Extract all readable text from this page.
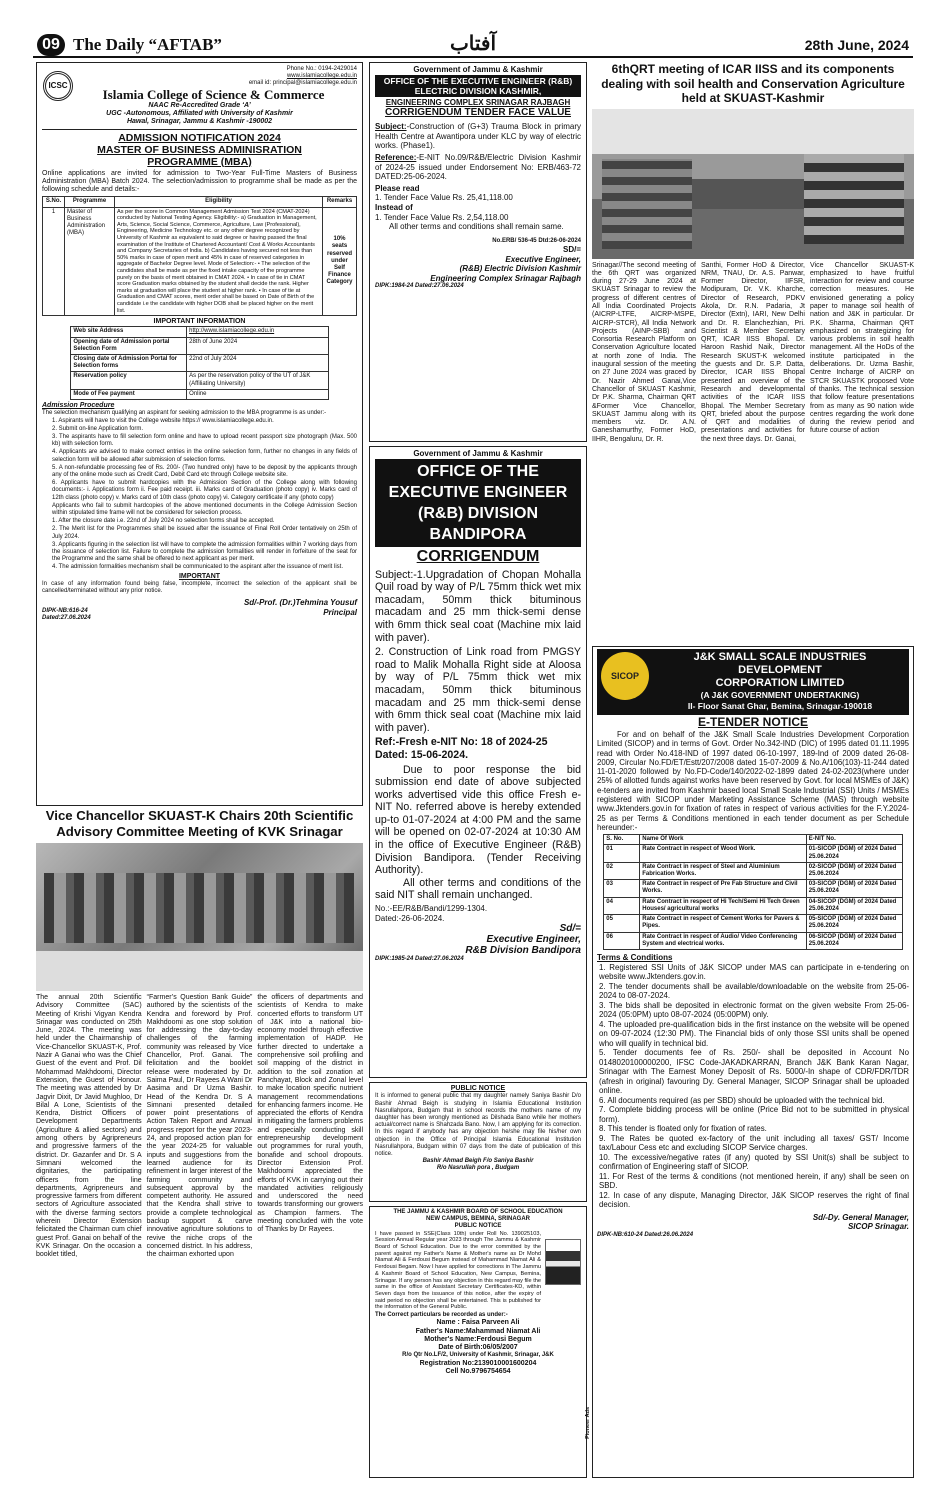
09 The Daily “AFTAB”	آفتاب	28th June, 2024
ICSC
Phone No.: 0194-2429014
www.islamiacollege.edu.in
email id: principal@islamiacollege.edu.in
Islamia College of Science & Commerce
NAAC Re-Accredited Grade ‘A’
UGC -Autonomous, Affiliated with University of Kashmir
Hawal, Srinagar, Jammu & Kashmir -190002
ADMISSION NOTIFICATION 2024
MASTER OF BUSINESS ADMINISRATION
PROGRAMME (MBA)
Online applications are invited for admission to Two-Year Full-Time Masters of Business Administration (MBA) Batch 2024. The selection/admission to programme shall be made as per the following schedule and details:-
S.No.	Programme	Eligibility	Remarks
1	Master of Business Administration (MBA)	As per the score in Common Management Admission Test 2024 (CMAT-2024) conducted by National Testing Agency. Eligibility:- a) Graduation in Management, Arts, Science, Social Science, Commerce, Agriculture, Law (Professional), Engineering, Medicine Technology etc. or any other degree recognized by University of Kashmir as equivalent to said degree or having passed the final examination of the Institute of Chartered Accountant/ Cost & Works Accountants and Company Secretaries of India. b) Candidates having secured not less than 50% marks in case of open merit and 45% in case of reserved categories in aggregate of Bachelor Degree level. Mode of Selection:- • The selection of the candidates shall be made as per the fixed intake capacity of the programme purely on the basis of merit obtained in CMAT 2024. • In case of tie in CMAT score Graduation marks obtained by the student shall decide the rank. Higher marks at graduation will place the student at higher rank. • In case of tie at Graduation and CMAT scores, merit order shall be based on Date of Birth of the candidate i.e the candidate with higher DOB shall be placed higher on the merit list.	10% seats reserved under Self Finance Category
IMPORTANT INFORMATION
Web site Address	http://www.islamiacollege.edu.in
Opening date of Admission portal Selection Form	28th of June 2024
Closing date of Admission Portal for Selection forms	22nd of July 2024
Reservation policy	As per the reservation policy of the UT of J&K (Affiliating University)
Mode of Fee payment	Online
Admission Procedure
The selection mechanism qualifying an aspirant for seeking admission to the MBA programme is as under:-
1. Aspirants will have to visit the College website https:// www.islamiacollege.edu.in.
2. Submit on-line Application form.
3. The aspirants have to fill selection form online and have to upload recent passport size photograph (Max. 500 kb) with selection form.
4. Applicants are advised to make correct entries in the online selection form, further no changes in any fields of selection form will be allowed after submission of selection forms.
5. A non-refundable processing fee of Rs. 200/- (Two hundred only) have to be deposit by the applicants through any of the online mode such as Credit Card, Debit Card etc through College website site.
6. Applicants have to submit hardcopies with the Admission Section of the College along with following documents:- i. Applications form ii. Fee paid receipt. iii. Marks card of Graduation (photo copy) iv. Marks card of 12th class (photo copy) v. Marks card of 10th class (photo copy) vi. Category certificate if any (photo copy)
Applicants who fail to submit hardcopies of the above mentioned documents in the College Admission Section within stipulated time frame will not be considered for selection process.
1. After the closure date i.e. 22nd of July 2024 no selection forms shall be accepted.
2. The Merit list for the Programmes shall be issued after the issuance of Final Roll Order tentatively on 25th of July 2024.
3. Applicants figuring in the selection list will have to complete the admission formalities within 7 working days from the issuance of selection list. Failure to complete the admission formalities will render in forfeiture of the seat for the Programme and the same shall be offered to next applicant as per merit.
4. The admission formalities mechanism shall be communicated to the aspirant after the issuance of merit list.
IMPORTANT
In case of any information found being false, incomplete, incorrect the selection of the applicant shall be cancelled/terminated without any prior notice.
Sd/-Prof. (Dr.)Tehmina Yousuf
DIPK-NB:616-24
Dated:27.06.2024
Principal
Vice Chancellor SKUAST-K Chairs 20th Scientific Advisory Committee Meeting of KVK Srinagar
The annual 20th Scientific Advisory Committee (SAC) Meeting of Krishi Vigyan Kendra Srinagar was conducted on 25th June, 2024. The meeting was held under the Chairmanship of Vice-Chancellor SKUAST-K, Prof. Nazir A Ganai who was the Chief Guest of the event and Prof. Dil Mohammad Makhdoomi, Director Extension, the Guest of Honour. The meeting was attended by Dr Jagvir Dixit, Dr Javid Mughloo, Dr Bilal A Lone, Scientists of the Kendra, District Officers of Development Departments (Agriculture & allied sectors) and among others by Agripreneurs and progressive farmers of the district. Dr. Gazanfer and Dr. S A Simnani welcomed the dignitaries, the participating officers from the line departments, Agripreneurs and progressive farmers from different sectors of Agriculture associated with the diverse farming sectors wherein Director Extension felicitated the Chairman cum chief guest Prof. Ganai on behalf of the KVK Srinagar. On the occasion a booklet titled,
“Farmer’s Question Bank Guide” authored by the scientists of the Kendra and foreword by Prof. Makhdoomi as one stop solution for addressing the day-to-day challenges of the farming community was released by Vice Chancellor, Prof. Ganai. The felicitation and the booklet release were moderated by Dr. Saima Paul, Dr Rayees A Wani Dr Aasima and Dr Uzma Bashir. Head of the Kendra Dr. S A Simnani presented detailed power point presentations of Action Taken Report and Annual progress report for the year 2023-24, and proposed action plan for the year 2024-25 for valuable inputs and suggestions from the learned audience for its refinement in larger interest of the farming community and subsequent approval by the competent authority. He assured that the Kendra shall strive to provide a complete technological backup support & carve innovative agriculture solutions to revive the niche crops of the concerned district. In his address, the chairman exhorted upon
the officers of departments and scientists of Kendra to make concerted efforts to transform UT of J&K into a national bio-economy model through effective implementation of HADP. He further directed to undertake a comprehensive soil profiling and soil mapping of the district in addition to the soil zonation at Panchayat, Block and Zonal level to make location specific nutrient management recommendations for enhancing farmers income. He appreciated the efforts of Kendra in mitigating the farmers problems and especially conducting skill entrepreneurship development out programmes for rural youth, bonafide and school dropouts. Director Extension Prof. Makhdoomi appreciated the efforts of KVK in carrying out their mandated activities religiously and underscored the need towards transforming our growers as Champion farmers. The meeting concluded with the vote of Thanks by Dr Rayees.
Government of Jammu & Kashmir
OFFICE OF THE EXECUTIVE ENGINEER (R&B) ELECTRIC DIVISION KASHMIR,
ENGINEERING COMPLEX SRINAGAR RAJBAGH
CORRIGENDUM TENDER FACE VALUE
Subject:-Construction of (G+3) Trauma Block in primary Health Centre at Awantipora under KLC by way of electric works. (Phase1).
Reference:-E-NIT No.09/R&B/Electric Division Kashmir of 2024-25 issued under Endorsement No: ERB/463-72 DATED:25-06-2024.
Please read
1. Tender Face Value Rs. 25,41,118.00
Instead of
1. Tender Face Value Rs. 2,54,118.00
All other terms and conditions shall remain same.
No.ERB/ 536-45 Dtd:26-06-2024
SD/=
Executive Engineer,
(R&B) Electric Division Kashmir
Engineering Complex Srinagar Rajbagh
DIPK:1984-24 Dated:27.06.2024
Government of Jammu & Kashmir
OFFICE OF THE EXECUTIVE ENGINEER (R&B) DIVISION BANDIPORA
CORRIGENDUM
Subject:-1.Upgradation of Chopan Mohalla Quil road by way of P/L 75mm thick wet mix macadam, 50mm thick bituminous macadam and 25 mm thick-semi dense with 6mm thick seal coat (Machine mix laid with paver).
2. Construction of Link road from PMGSY road to Malik Mohalla Right side at Aloosa by way of P/L 75mm thick wet mix macadam, 50mm thick bituminous macadam and 25 mm thick-semi dense with 6mm thick seal coat (Machine mix laid with paver).
Ref:-Fresh e-NIT No: 18 of 2024-25 Dated: 15-06-2024.
Due to poor response the bid submission end date of above subjected works advertised vide this office Fresh e-NIT No. referred above is hereby extended up-to 01-07-2024 at 4:00 PM and the same will be opened on 02-07-2024 at 10:30 AM in the office of Executive Engineer (R&B) Division Bandipora. (Tender Receiving Authority).
All other terms and conditions of the said NIT shall remain unchanged.
No.:-EE/R&B/Bandi/1299-1304.
Dated:-26-06-2024.
Sd/=
Executive Engineer,
R&B Division Bandipora
DIPK:1985-24 Dated:27.06.2024
PUBLIC NOTICE
It is informed to general public that my daughter namely Saniya Bashir D/o Bashir Ahmad Beigh is studying in Islamia Educational Institution Nasrullahpora, Budgam that in school records the mothers name of my daughter has been wrongly mentioned as Dilshada Bano while her mothers actual/correct name is Shahzada Bano. Now, I am applying for its correction. In this regard if anybody has any objection he/she may file his/her own objection in the Office of Principal Islamia Educational Institution Nasrullahpora, Budgam within 07 days from the date of publication of this notice.
Bashir Ahmad Beigh F/o Saniya Bashir
R/o Nasrullah pora , Budgam
THE JAMMU & KASHMIR BOARD OF SCHOOL EDUCATION
NEW CAMPUS, BEMINA, SRINAGAR
PUBLIC NOTICE
I have passed in SSE(Class 10th) under Roll No. 139025103, Session Annual Regular year 2023 through The Jammu & Kashmir Board of School Education. Due to the error committed by the parent against my Father's Name & Mother's name as Dr Mohd Niamat Ali & Ferdousi Begum instead of Mahammad Niamat Ali & Ferdousi Begam. Now I have applied for corrections in The Jammu & Kashmir Board of School Education, New Campus, Bemina, Srinagar. If any person has any objection in this regard may file the same in the office of Assistant Secretary Certificates-KD, within Seven days from the issuance of this notice, after the expiry of said period no objection shall be entertained. This is published for the information of the General Public.
The Correct particulars be recorded as under:-
Name : Faisa Parveen Ali
Father's Name:Mahammad Niamat Ali
Mother's Name:Ferdousi Begum
Date of Birth:06/05/2007
R/o Qtr No.LF/2, University of Kashmir, Srinagar, J&K
Registration No:2139010001600204
Cell No.9796754654
Pioneer Ads
6thQRT meeting of ICAR IISS and its components dealing with soil health and Conservation Agriculture held at SKUAST-Kashmir
Srinagar//The second meeting of the 6th QRT was organized during 27-29 June 2024 at SKUAST Srinagar to review the progress of different centres of All India Coordinated Projects (AICRP-LTFE, AICRP-MSPE, AICRP-STCR), All India Network Projects (AINP-SBB) and Consortia Research Platform on Conservation Agriculture located at north zone of India. The inaugural session of the meeting on 27 June 2024 was graced by Dr. Nazir Ahmed Ganai,Vice Chancellor of SKUAST Kashmir, Dr P.K. Sharma, Chairman QRT &Former Vice Chancellor, SKUAST Jammu along with its members viz. Dr. A.N. Ganeshamurthy, Former HoD, IIHR, Bengaluru, Dr. R.
Santhi, Former HoD & Director, NRM, TNAU, Dr. A.S. Panwar, Former Director, IIFSR, Modipuram, Dr. V.K. Kharche, Director of Research, PDKV Akola, Dr. R.N. Padaria, Jt Director (Extn), IARI, New Delhi and Dr. R. Elanchezhian, Pri. Scientist & Member Secretary QRT, ICAR IISS Bhopal. Dr. Haroon Rashid Naik, Director Research SKUST-K welcomed the guests and Dr. S.P. Datta, Director, ICAR IISS Bhopal presented an overview of the Research and developmental activities of the ICAR IISS Bhopal. The Member Secretary QRT, briefed about the purpose of QRT and modalities of presentations and activities for the next three days. Dr. Ganai,
Vice Chancellor SKUAST-K emphasized to have fruitful interaction for review and course correction measures. He envisioned generating a policy paper to manage soil health of nation and J&K in particular. Dr P.K. Sharma, Chairman QRT emphasized on strategizing for various problems in soil health management. All the HoDs of the institute participated in the deliberations. Dr. Uzma Bashir, Centre Incharge of AICRP on STCR SKUASTK proposed Vote of thanks. The technical session that follow feature presentations from as many as 90 nation wide centres regarding the work done during the review period and future course of action
SICOP
J&K SMALL SCALE INDUSTRIES DEVELOPMENT
CORPORATION LIMITED
(A J&K GOVERNMENT UNDERTAKING)
II- Floor Sanat Ghar, Bemina, Srinagar-190018
E-TENDER NOTICE
For and on behalf of the J&K Small Scale Industries Development Corporation Limited (SICOP) and in terms of Govt. Order No.342-IND (DIC) of 1995 dated 01.11.1995 read with Order No.418-IND of 1997 dated 06-10-1997, 189-Ind of 2009 dated 26-08-2009, Circular No.FD/ET/Estt/207/2008 dated 15-07-2009 & No.A/106(103)-11-244 dated 11-01-2020 followed by No.FD-Code/140/2022-02-1899 dated 24-02-2023(where under 25% of allotted funds against works have been reserved by Govt. for local MSMEs of J&K) e-tenders are invited from Kashmir based local Small Scale Industrial (SSI) Units / MSMEs registered with SICOP under Marketing Assistance Scheme (MAS) through website www.Jktenders.gov.in for fixation of rates in respect of various activities for the F.Y.2024-25 as per Terms & Conditions mentioned in each tender document as per Schedule hereunder:-
S. No.	Name Of Work	E-NIT No.
01	Rate Contract in respect of Wood Work.	01-SICOP (DGM) of 2024 Dated 25.06.2024
02	Rate Contract in respect of Steel and Aluminium Fabrication Works.	02-SICOP (DGM) of 2024 Dated 25.06.2024
03	Rate Contract in respect of Pre Fab Structure and Civil Works.	03-SICOP (DGM) of 2024 Dated 25.06.2024
04	Rate Contract in respect of Hi Tech/Semi Hi Tech Green Houses/ agricultural works	04-SICOP (DGM) of 2024 Dated 25.06.2024
05	Rate Contract in respect of Cement Works for Pavers & Pipes.	05-SICOP (DGM) of 2024 Dated 25.06.2024
06	Rate Contract in respect of Audio/ Video Conferencing System and electrical works.	06-SICOP (DGM) of 2024 Dated 25.06.2024
Terms & Conditions
1. Registered SSI Units of J&K SICOP under MAS can participate in e-tendering on website www.Jktenders.gov.in.
2. The tender documents shall be available/downloadable on the website from 25-06-2024 to 08-07-2024.
3. The bids shall be deposited in electronic format on the given website From 25-06-2024 (05:0PM) upto 08-07-2024 (05:00PM) only.
4. The uploaded pre-qualification bids in the first instance on the website will be opened on 09-07-2024 (12:30 PM). The Financial bids of only those SSI units shall be opened who will qualify in technical bid.
5. Tender documents fee of Rs. 250/- shall be deposited in Account No 0148020100000200, IFSC Code-JAKADKARRAN, Branch J&K Bank Karan Nagar, Srinagar with The Earnest Money Deposit of Rs. 5000/-In shape of CDR/FDR/TDR (afresh in original) favouring Dy. General Manager, SICOP Srinagar shall be uploaded online.
6. All documents required (as per SBD) should be uploaded with the technical bid.
7. Complete bidding process will be online (Price Bid not to be submitted in physical form).
8. This tender is floated only for fixation of rates.
9. The Rates be quoted ex-factory of the unit including all taxes/ GST/ Income tax/Labour Cess etc and excluding SICOP Service charges.
10. The excessive/negative rates (if any) quoted by SSI Unit(s) shall be subject to confirmation of Engineering staff of SICOP.
11. For Rest of the terms & conditions (not mentioned herein, if any) shall be seen on SBD.
12. In case of any dispute, Managing Director, J&K SICOP reserves the right of final decision.
Sd/-Dy. General Manager,
SICOP Srinagar.
DIPK-NB:610-24 Dated:26.06.2024
